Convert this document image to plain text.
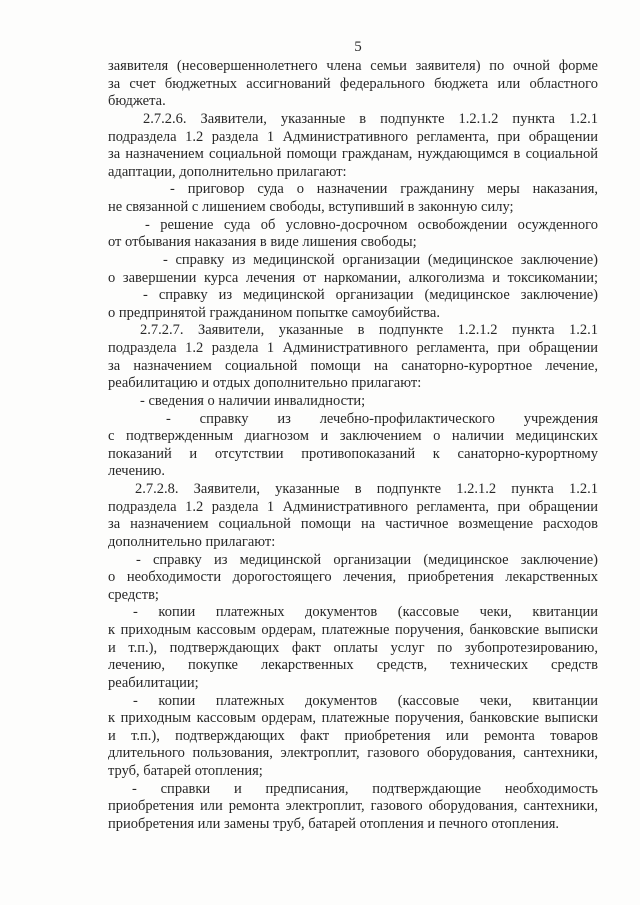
5
заявителя (несовершеннолетнего члена семьи заявителя) по очной форме
за счет бюджетных ассигнований федерального бюджета или областного
бюджета.
2.7.2.6. Заявители, указанные в подпункте 1.2.1.2 пункта 1.2.1
подраздела 1.2 раздела 1 Административного регламента, при обращении
за назначением социальной помощи гражданам, нуждающимся в социальной
адаптации, дополнительно прилагают:
- приговор суда о назначении гражданину меры наказания,
не связанной с лишением свободы, вступивший в законную силу;
- решение суда об условно-досрочном освобождении осужденного
от отбывания наказания в виде лишения свободы;
- справку из медицинской организации (медицинское заключение)
о завершении курса лечения от наркомании, алкоголизма и токсикомании;
- справку из медицинской организации (медицинское заключение)
о предпринятой гражданином попытке самоубийства.
2.7.2.7. Заявители, указанные в подпункте 1.2.1.2 пункта 1.2.1
подраздела 1.2 раздела 1 Административного регламента, при обращении
за назначением социальной помощи на санаторно-курортное лечение,
реабилитацию и отдых дополнительно прилагают:
- сведения о наличии инвалидности;
- справку из лечебно-профилактического учреждения
с подтвержденным диагнозом и заключением о наличии медицинских
показаний и отсутствии противопоказаний к санаторно-курортному
лечению.
2.7.2.8. Заявители, указанные в подпункте 1.2.1.2 пункта 1.2.1
подраздела 1.2 раздела 1 Административного регламента, при обращении
за назначением социальной помощи на частичное возмещение расходов
дополнительно прилагают:
- справку из медицинской организации (медицинское заключение)
о необходимости дорогостоящего лечения, приобретения лекарственных
средств;
- копии платежных документов (кассовые чеки, квитанции
к приходным кассовым ордерам, платежные поручения, банковские выписки
и т.п.), подтверждающих факт оплаты услуг по зубопротезированию,
лечению, покупке лекарственных средств, технических средств
реабилитации;
- копии платежных документов (кассовые чеки, квитанции
к приходным кассовым ордерам, платежные поручения, банковские выписки
и т.п.), подтверждающих факт приобретения или ремонта товаров
длительного пользования, электроплит, газового оборудования, сантехники,
труб, батарей отопления;
- справки и предписания, подтверждающие необходимость
приобретения или ремонта электроплит, газового оборудования, сантехники,
приобретения или замены труб, батарей отопления и печного отопления.
